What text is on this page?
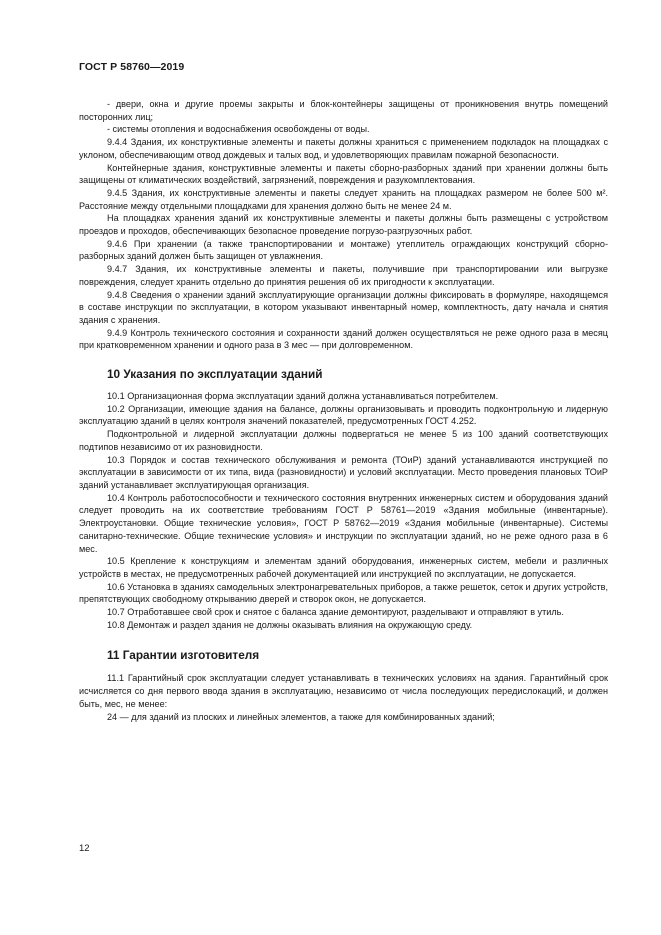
ГОСТ Р 58760—2019

- двери, окна и другие проемы закрыты и блок-контейнеры защищены от проникновения внутрь помещений посторонних лиц;

- системы отопления и водоснабжения освобождены от воды.

9.4.4 Здания, их конструктивные элементы и пакеты должны храниться с применением подкладок на площадках с уклоном, обеспечивающим отвод дождевых и талых вод, и удовлетворяющих правилам пожарной безопасности.

Контейнерные здания, конструктивные элементы и пакеты сборно-разборных зданий при хранении должны быть защищены от климатических воздействий, загрязнений, повреждения и разукомплектования.

9.4.5 Здания, их конструктивные элементы и пакеты следует хранить на площадках размером не более 500 м². Расстояние между отдельными площадками для хранения должно быть не менее 24 м.

На площадках хранения зданий их конструктивные элементы и пакеты должны быть размещены с устройством проездов и проходов, обеспечивающих безопасное проведение погрузо-разгрузочных работ.

9.4.6 При хранении (а также транспортировании и монтаже) утеплитель ограждающих конструкций сборно-разборных зданий должен быть защищен от увлажнения.

9.4.7 Здания, их конструктивные элементы и пакеты, получившие при транспортировании или выгрузке повреждения, следует хранить отдельно до принятия решения об их пригодности к эксплуатации.

9.4.8 Сведения о хранении зданий эксплуатирующие организации должны фиксировать в формуляре, находящемся в составе инструкции по эксплуатации, в котором указывают инвентарный номер, комплектность, дату начала и снятия здания с хранения.

9.4.9 Контроль технического состояния и сохранности зданий должен осуществляться не реже одного раза в месяц при кратковременном хранении и одного раза в 3 мес — при долговременном.

10 Указания по эксплуатации зданий

10.1 Организационная форма эксплуатации зданий должна устанавливаться потребителем.

10.2 Организации, имеющие здания на балансе, должны организовывать и проводить подконтрольную и лидерную эксплуатацию зданий в целях контроля значений показателей, предусмотренных ГОСТ 4.252.

Подконтрольной и лидерной эксплуатации должны подвергаться не менее 5 из 100 зданий соответствующих подтипов независимо от их разновидности.

10.3 Порядок и состав технического обслуживания и ремонта (ТОиР) зданий устанавливаются инструкцией по эксплуатации в зависимости от их типа, вида (разновидности) и условий эксплуатации. Место проведения плановых ТОиР зданий устанавливает эксплуатирующая организация.

10.4 Контроль работоспособности и технического состояния внутренних инженерных систем и оборудования зданий следует проводить на их соответствие требованиям ГОСТ Р 58761—2019 «Здания мобильные (инвентарные). Электроустановки. Общие технические условия», ГОСТ Р 58762—2019 «Здания мобильные (инвентарные). Системы санитарно-технические. Общие технические условия» и инструкции по эксплуатации зданий, но не реже одного раза в 6 мес.

10.5 Крепление к конструкциям и элементам зданий оборудования, инженерных систем, мебели и различных устройств в местах, не предусмотренных рабочей документацией или инструкцией по эксплуатации, не допускается.

10.6 Установка в зданиях самодельных электронагревательных приборов, а также решеток, сеток и других устройств, препятствующих свободному открыванию дверей и створок окон, не допускается.

10.7 Отработавшее свой срок и снятое с баланса здание демонтируют, разделывают и отправляют в утиль.

10.8 Демонтаж и раздел здания не должны оказывать влияния на окружающую среду.

11 Гарантии изготовителя

11.1 Гарантийный срок эксплуатации следует устанавливать в технических условиях на здания. Гарантийный срок исчисляется со дня первого ввода здания в эксплуатацию, независимо от числа последующих передислокаций, и должен быть, мес, не менее:

24 — для зданий из плоских и линейных элементов, а также для комбинированных зданий;

12
